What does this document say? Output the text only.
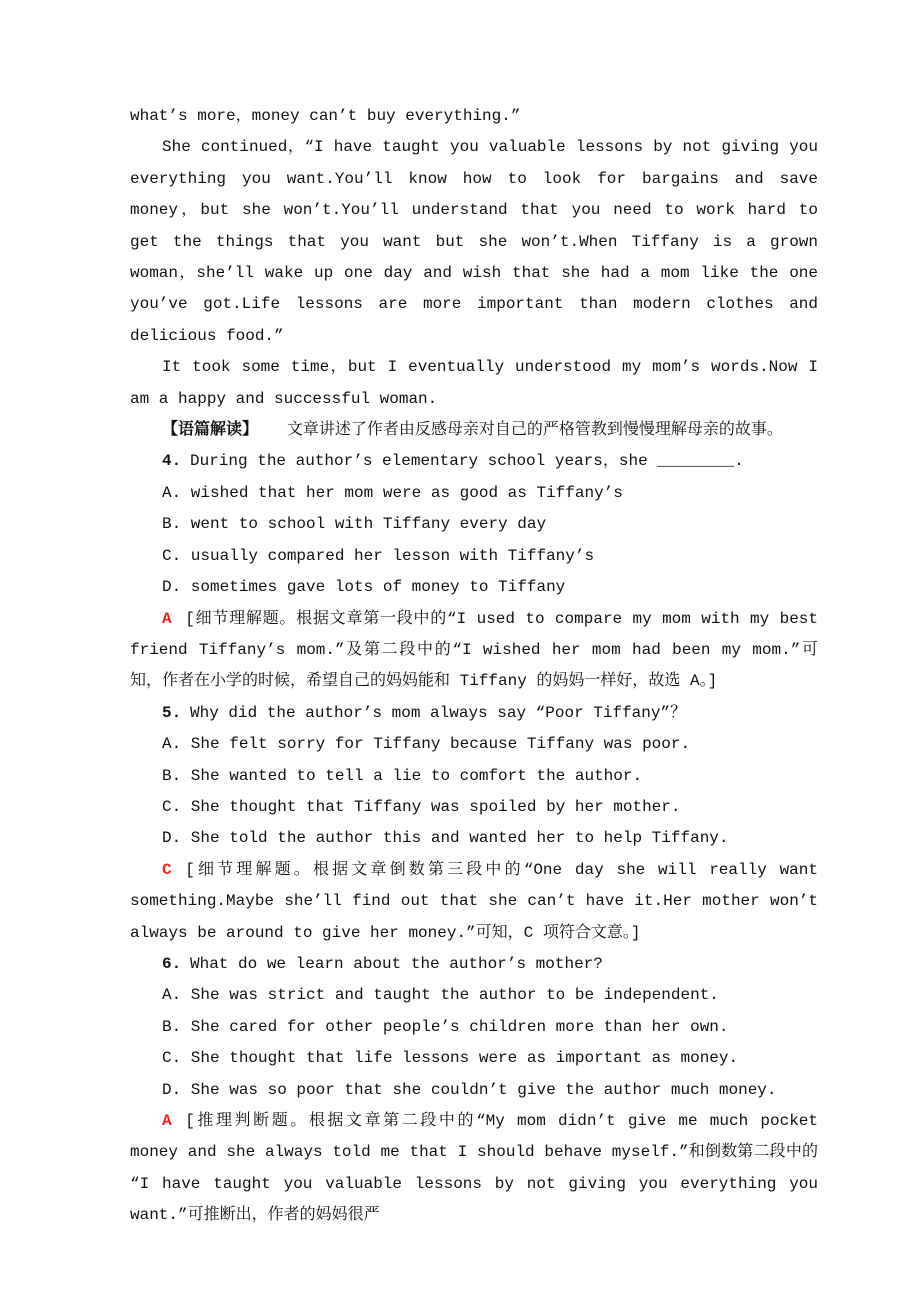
what’s more，money can’t buy everything.”

She continued，“I have taught you valuable lessons by not giving you everything you want.You’ll know how to look for bargains and save money，but she won’t.You’ll understand that you need to work hard to get the things that you want but she won’t.When Tiffany is a grown woman，she’ll wake up one day and wish that she had a mom like the one you’ve got.Life lessons are more important than modern clothes and delicious food.”

It took some time，but I eventually understood my mom’s words.Now I am a happy and successful woman.

【语篇解读】 文章讲述了作者由反感母亲对自己的严格管教到慢慢理解母亲的故事。

4. During the author’s elementary school years，she ________.

A. wished that her mom were as good as Tiffany’s

B. went to school with Tiffany every day

C. usually compared her lesson with Tiffany’s

D. sometimes gave lots of money to Tiffany

A [细节理解题。根据文章第一段中的“I used to compare my mom with my best friend Tiffany’s mom.”及第二段中的“I wished her mom had been my mom.”可知，作者在小学的时候，希望自己的妈妈能和 Tiffany 的妈妈一样好，故选 A。]

5. Why did the author’s mom always say “Poor Tiffany”？

A. She felt sorry for Tiffany because Tiffany was poor.

B. She wanted to tell a lie to comfort the author.

C. She thought that Tiffany was spoiled by her mother.

D. She told the author this and wanted her to help Tiffany.

C [细节理解题。根据文章倒数第三段中的“One day she will really want something.Maybe she’ll find out that she can’t have it.Her mother won’t always be around to give her money.”可知，C 项符合文意。]

6. What do we learn about the author’s mother?

A. She was strict and taught the author to be independent.

B. She cared for other people’s children more than her own.

C. She thought that life lessons were as important as money.

D. She was so poor that she couldn’t give the author much money.

A [推理判断题。根据文章第二段中的“My mom didn’t give me much pocket money and she always told me that I should behave myself.”和倒数第二段中的“I have taught you valuable lessons by not giving you everything you want.”可推断出，作者的妈妈很严
